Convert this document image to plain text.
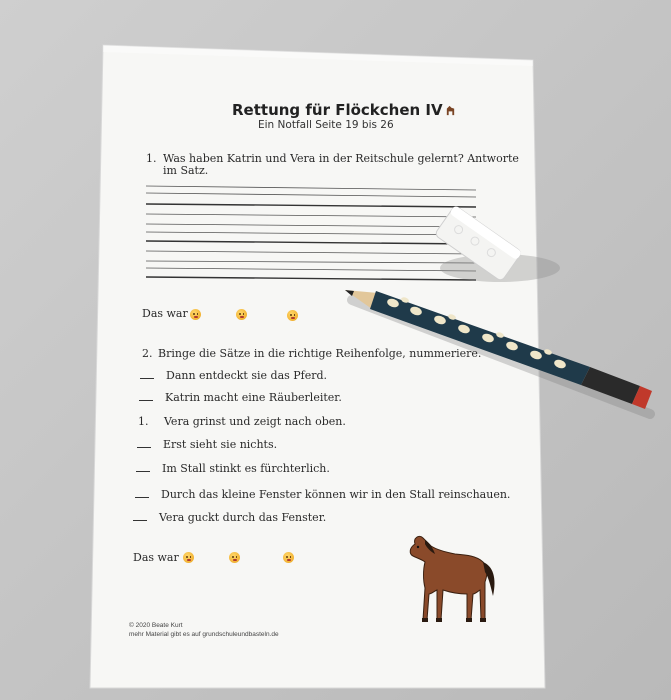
Rettung für Flöckchen IV
Ein Notfall Seite 19 bis 26
1. Was haben Katrin und Vera in der Reitschule gelernt? Antworte
im Satz.
Das war
2. Bringe die Sätze in die richtige Reihenfolge, nummeriere.
Dann entdeckt sie das Pferd.
Katrin macht eine Räuberleiter.
1. Vera grinst und zeigt nach oben.
Erst sieht sie nichts.
Im Stall stinkt es fürchterlich.
Durch das kleine Fenster können wir in den Stall reinschauen.
Vera guckt durch das Fenster.
Das war
© 2020 Beate Kurt
mehr Material gibt es auf grundschuleundbasteln.de
